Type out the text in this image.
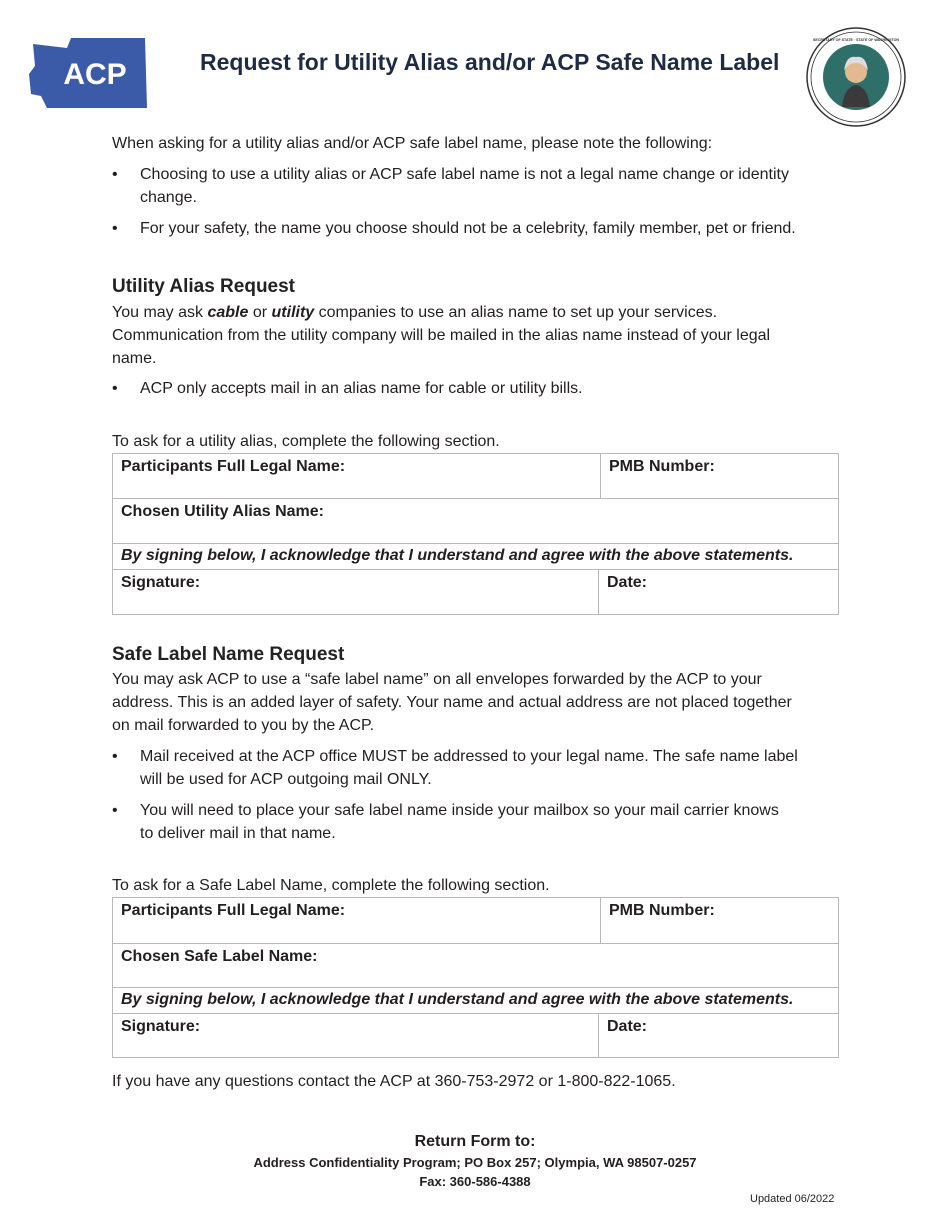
ACP	Request for Utility Alias and/or ACP Safe Name Label
SECRETARY OF STATE · STATE OF WASHINGTON
When asking for a utility alias and/or ACP safe label name, please note the following:
• Choosing to use a utility alias or ACP safe label name is not a legal name change or identity
change.
• For your safety, the name you choose should not be a celebrity, family member, pet or friend.
Utility Alias Request
You may ask cable or utility companies to use an alias name to set up your services.
Communication from the utility company will be mailed in the alias name instead of your legal
name.
• ACP only accepts mail in an alias name for cable or utility bills.
To ask for a utility alias, complete the following section.
Participants Full Legal Name:	PMB Number:
Chosen Utility Alias Name:
By signing below, I acknowledge that I understand and agree with the above statements.
Signature:	Date:
Safe Label Name Request
You may ask ACP to use a “safe label name” on all envelopes forwarded by the ACP to your
address. This is an added layer of safety. Your name and actual address are not placed together
on mail forwarded to you by the ACP.
• Mail received at the ACP office MUST be addressed to your legal name. The safe name label
will be used for ACP outgoing mail ONLY.
• You will need to place your safe label name inside your mailbox so your mail carrier knows
to deliver mail in that name.
To ask for a Safe Label Name, complete the following section.
Participants Full Legal Name:	PMB Number:
Chosen Safe Label Name:
By signing below, I acknowledge that I understand and agree with the above statements.
Signature:	Date:
If you have any questions contact the ACP at 360-753-2972 or 1-800-822-1065.
Return Form to:
Address Confidentiality Program; PO Box 257; Olympia, WA 98507-0257
Fax: 360-586-4388
Updated 06/2022
